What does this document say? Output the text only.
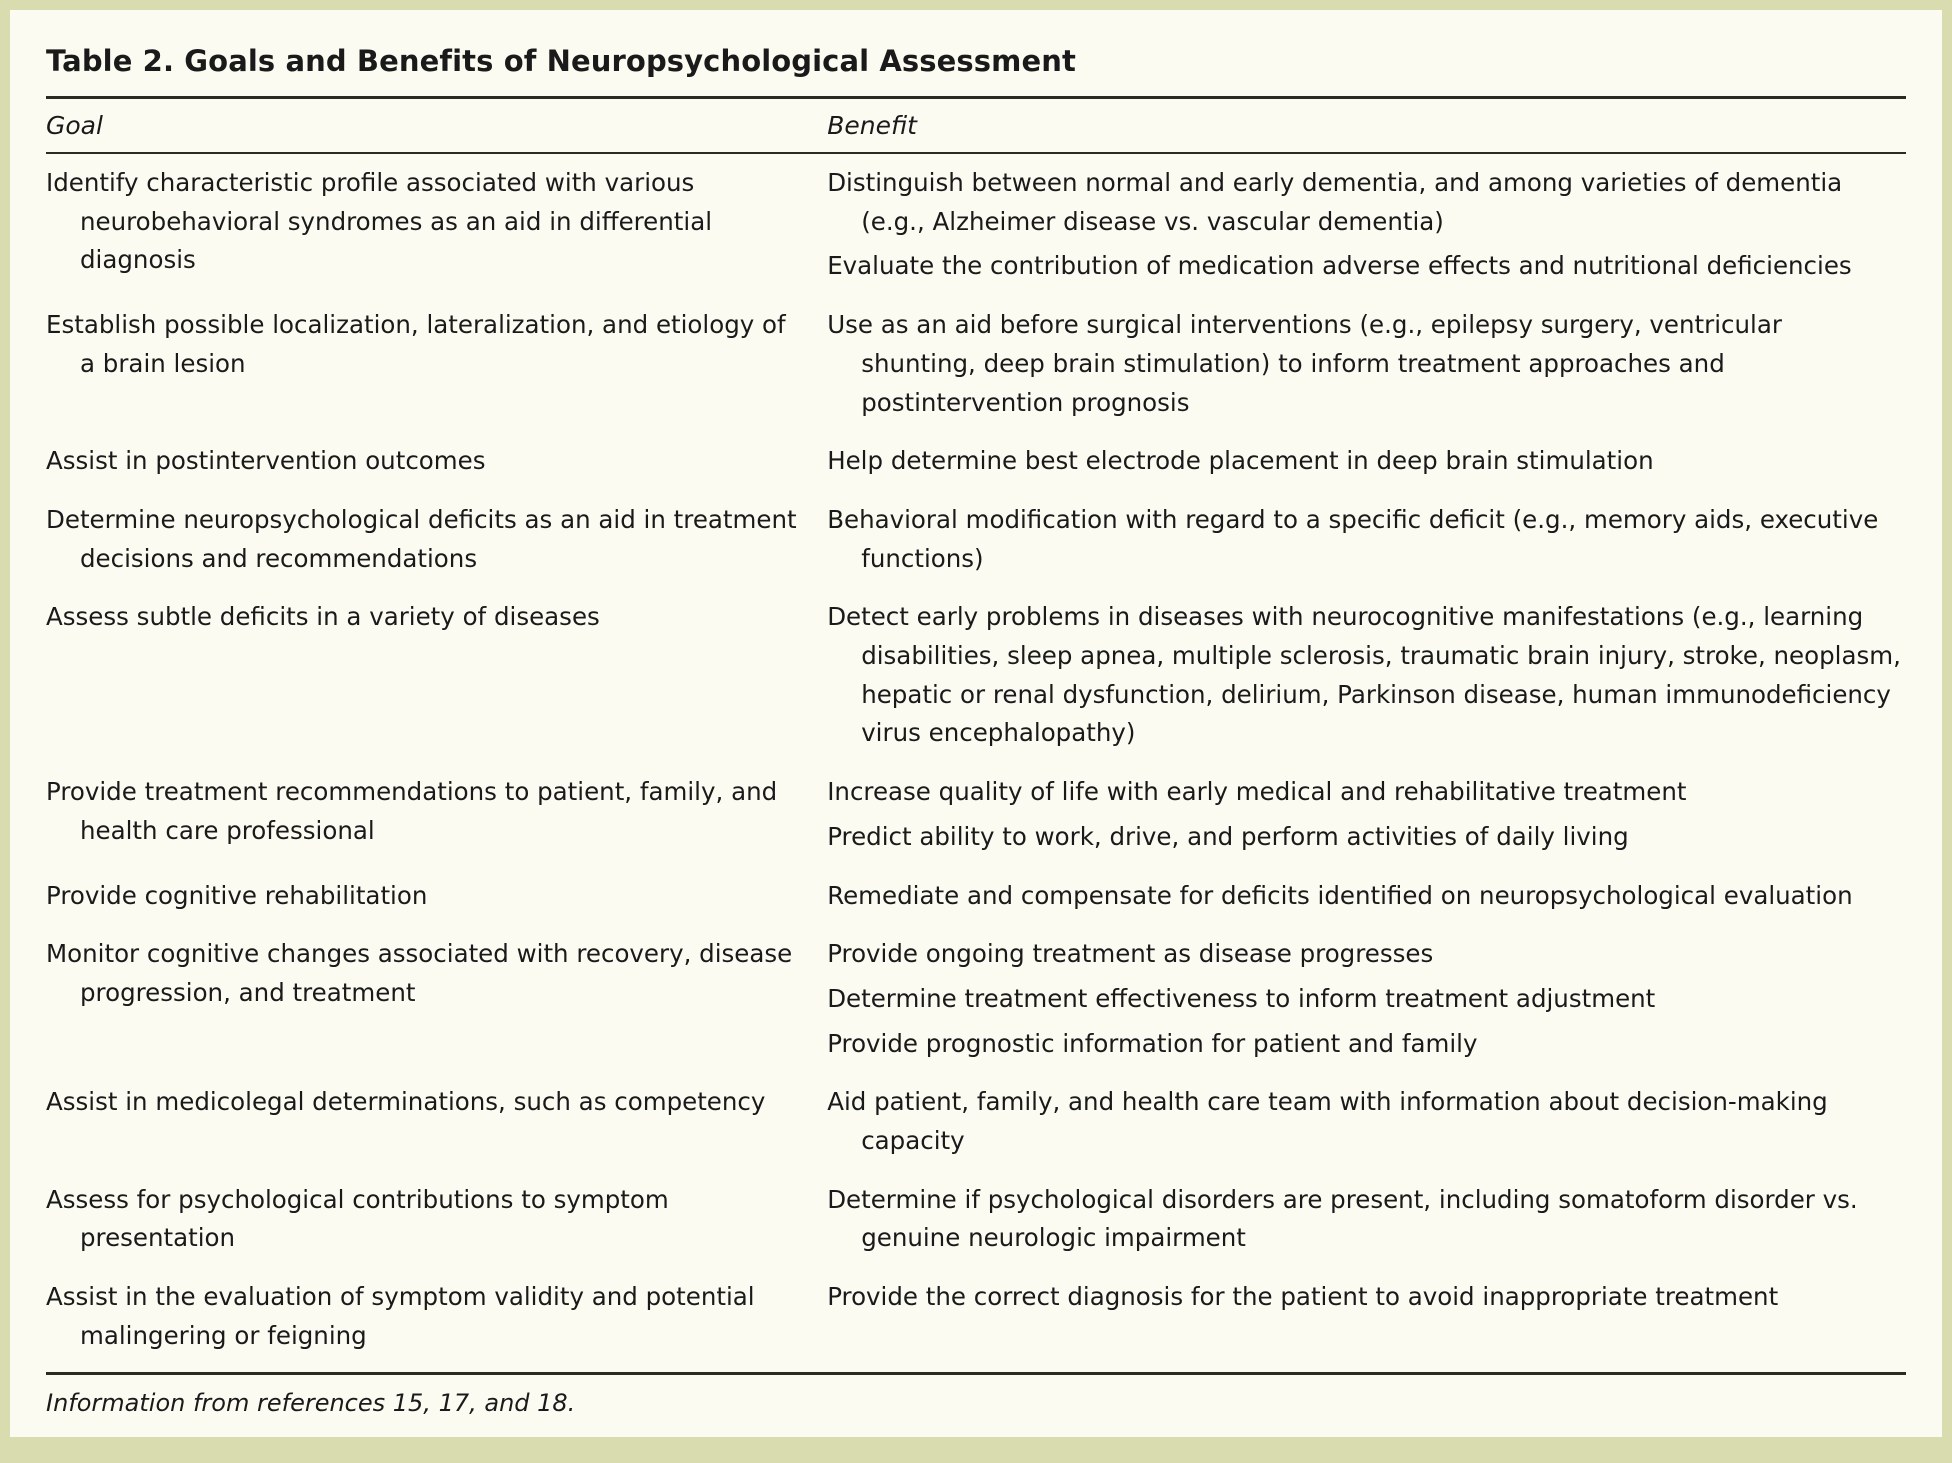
Table 2. Goals and Benefits of Neuropsychological Assessment
Goal	Benefit

Identify characteristic profile associated with various neurobehavioral syndromes as an aid in differential diagnosis	Distinguish between normal and early dementia, and among varieties of dementia (e.g., Alzheimer disease vs. vascular dementia)

Evaluate the contribution of medication adverse effects and nutritional deficiencies

Establish possible localization, lateralization, and etiology of a brain lesion	Use as an aid before surgical interventions (e.g., epilepsy surgery, ventricular shunting, deep brain stimulation) to inform treatment approaches and postintervention prognosis

Assist in postintervention outcomes	Help determine best electrode placement in deep brain stimulation

Determine neuropsychological deficits as an aid in treatment decisions and recommendations	Behavioral modification with regard to a specific deficit (e.g., memory aids, executive functions)

Assess subtle deficits in a variety of diseases	Detect early problems in diseases with neurocognitive manifestations (e.g., learning disabilities, sleep apnea, multiple sclerosis, traumatic brain injury, stroke, neoplasm, hepatic or renal dysfunction, delirium, Parkinson disease, human immunodeficiency virus encephalopathy)

Provide treatment recommendations to patient, family, and health care professional	Increase quality of life with early medical and rehabilitative treatment

Predict ability to work, drive, and perform activities of daily living

Provide cognitive rehabilitation	Remediate and compensate for deficits identified on neuropsychological evaluation

Monitor cognitive changes associated with recovery, disease progression, and treatment	Provide ongoing treatment as disease progresses

Determine treatment effectiveness to inform treatment adjustment

Provide prognostic information for patient and family

Assist in medicolegal determinations, such as competency	Aid patient, family, and health care team with information about decision-making capacity

Assess for psychological contributions to symptom presentation	Determine if psychological disorders are present, including somatoform disorder vs. genuine neurologic impairment

Assist in the evaluation of symptom validity and potential malingering or feigning	Provide the correct diagnosis for the patient to avoid inappropriate treatment

Information from references 15, 17, and 18.
